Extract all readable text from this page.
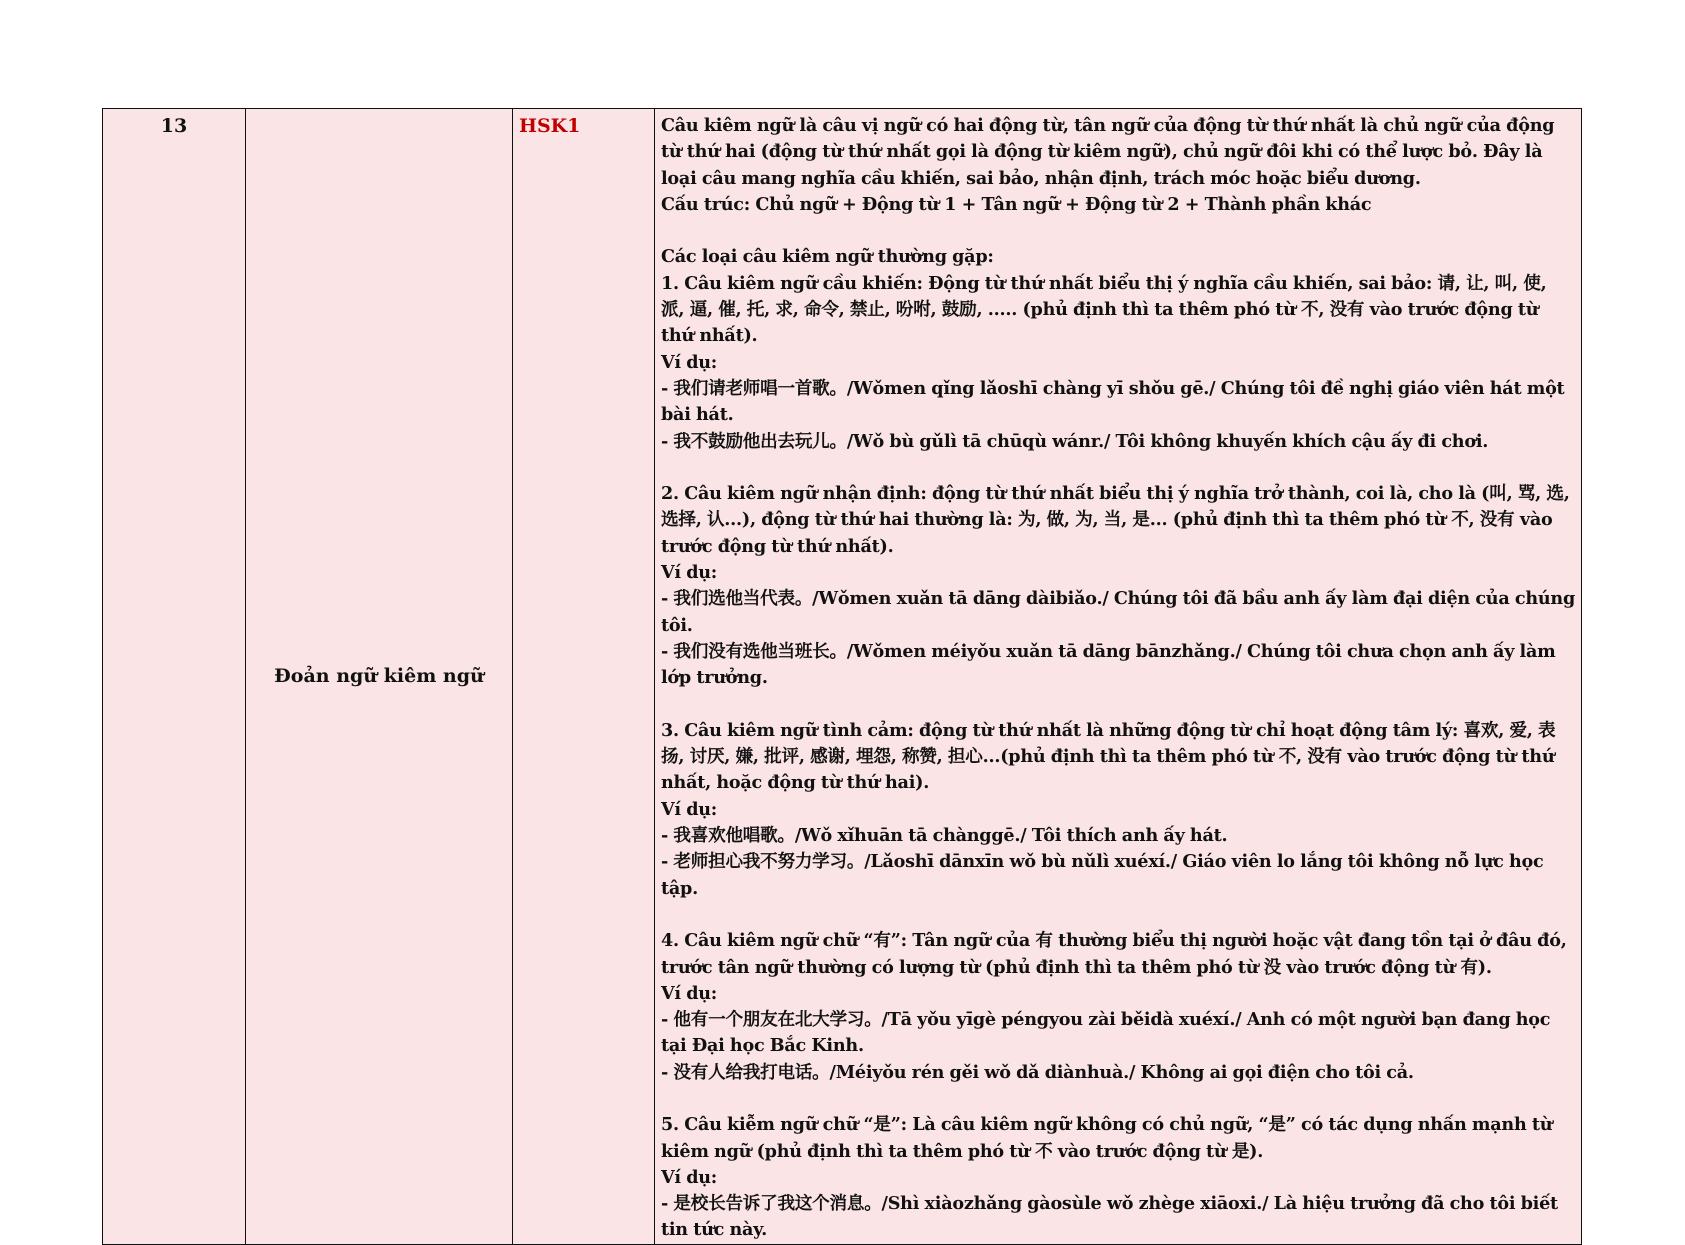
13	Đoản ngữ kiêm ngữ	HSK1	Câu kiêm ngữ là câu vị ngữ có hai động từ, tân ngữ của động từ thứ nhất là chủ ngữ của động từ thứ hai (động từ thứ nhất gọi là động từ kiêm ngữ), chủ ngữ đôi khi có thể lược bỏ. Đây là loại câu mang nghĩa cầu khiến, sai bảo, nhận định, trách móc hoặc biểu dương.
Cấu trúc: Chủ ngữ + Động từ 1 + Tân ngữ + Động từ 2 + Thành phần khác
Các loại câu kiêm ngữ thường gặp:
1. Câu kiêm ngữ cầu khiến: Động từ thứ nhất biểu thị ý nghĩa cầu khiến, sai bảo: 请, 让, 叫, 使, 派, 逼, 催, 托, 求, 命令, 禁止, 吩咐, 鼓励, ..... (phủ định thì ta thêm phó từ 不, 没有 vào trước động từ thứ nhất).
Ví dụ:
- 我们请老师唱一首歌。/Wǒmen qǐng lǎoshī chàng yī shǒu gē./ Chúng tôi đề nghị giáo viên hát một bài hát.
- 我不鼓励他出去玩儿。/Wǒ bù gǔlì tā chūqù wánr./ Tôi không khuyến khích cậu ấy đi chơi.
2. Câu kiêm ngữ nhận định: động từ thứ nhất biểu thị ý nghĩa trở thành, coi là, cho là (叫, 骂, 选, 选择, 认...), động từ thứ hai thường là: 为, 做, 为, 当, 是... (phủ định thì ta thêm phó từ 不, 没有 vào trước động từ thứ nhất).
Ví dụ:
- 我们选他当代表。/Wǒmen xuǎn tā dāng dàibiǎo./ Chúng tôi đã bầu anh ấy làm đại diện của chúng tôi.
- 我们没有选他当班长。/Wǒmen méiyǒu xuǎn tā dāng bānzhǎng./ Chúng tôi chưa chọn anh ấy làm lớp trưởng.
3. Câu kiêm ngữ tình cảm: động từ thứ nhất là những động từ chỉ hoạt động tâm lý: 喜欢, 爱, 表扬, 讨厌, 嫌, 批评, 感谢, 埋怨, 称赞, 担心...(phủ định thì ta thêm phó từ 不, 没有 vào trước động từ thứ nhất, hoặc động từ thứ hai).
Ví dụ:
- 我喜欢他唱歌。/Wǒ xǐhuān tā chànggē./ Tôi thích anh ấy hát.
- 老师担心我不努力学习。/Lǎoshī dānxīn wǒ bù nǔlì xuéxí./ Giáo viên lo lắng tôi không nỗ lực học tập.
4. Câu kiêm ngữ chữ “有”: Tân ngữ của 有 thường biểu thị người hoặc vật đang tồn tại ở đâu đó, trước tân ngữ thường có lượng từ (phủ định thì ta thêm phó từ 没 vào trước động từ 有).
Ví dụ:
- 他有一个朋友在北大学习。/Tā yǒu yīgè péngyou zài běidà xuéxí./ Anh có một người bạn đang học tại Đại học Bắc Kinh.
- 没有人给我打电话。/Méiyǒu rén gěi wǒ dǎ diànhuà./ Không ai gọi điện cho tôi cả.
5. Câu kiễm ngữ chữ “是”: Là câu kiêm ngữ không có chủ ngữ, “是” có tác dụng nhấn mạnh từ kiêm ngữ (phủ định thì ta thêm phó từ 不 vào trước động từ 是).
Ví dụ:
- 是校长告诉了我这个消息。/Shì xiàozhǎng gàosùle wǒ zhège xiāoxi./ Là hiệu trưởng đã cho tôi biết tin tức này.
